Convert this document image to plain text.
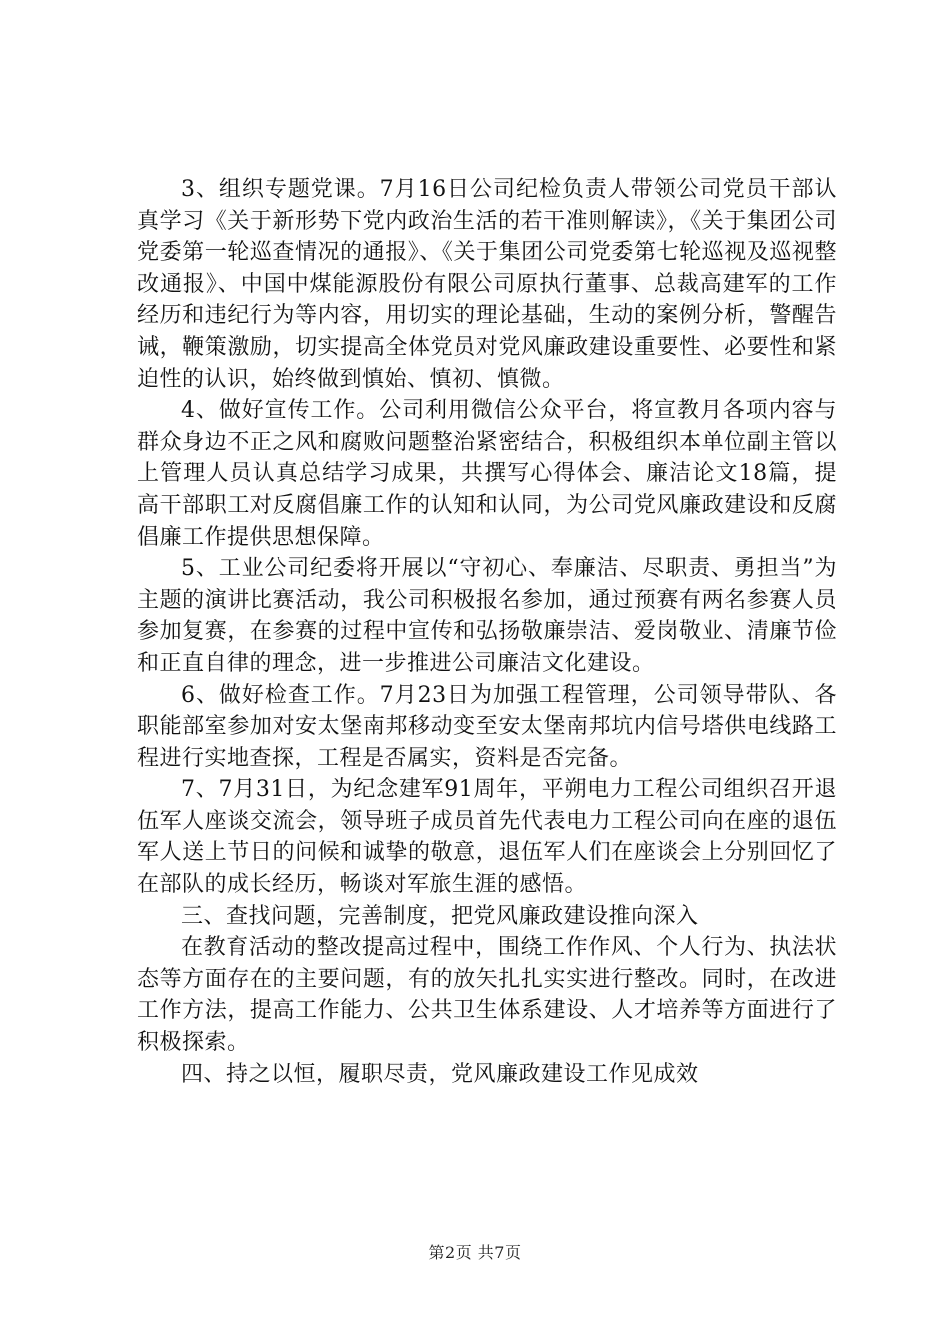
3、组织专题党课。7月16日公司纪检负责人带领公司党员干部认真学习《关于新形势下党内政治生活的若干准则解读》，《关于集团公司党委第一轮巡查情况的通报》、《关于集团公司党委第七轮巡视及巡视整改通报》、中国中煤能源股份有限公司原执行董事、总裁高建军的工作经历和违纪行为等内容，用切实的理论基础，生动的案例分析，警醒告诫，鞭策激励，切实提高全体党员对党风廉政建设重要性、必要性和紧迫性的认识，始终做到慎始、慎初、慎微。

4、做好宣传工作。公司利用微信公众平台，将宣教月各项内容与群众身边不正之风和腐败问题整治紧密结合，积极组织本单位副主管以上管理人员认真总结学习成果，共撰写心得体会、廉洁论文18篇，提高干部职工对反腐倡廉工作的认知和认同，为公司党风廉政建设和反腐倡廉工作提供思想保障。

5、工业公司纪委将开展以“守初心、奉廉洁、尽职责、勇担当”为主题的演讲比赛活动，我公司积极报名参加，通过预赛有两名参赛人员参加复赛，在参赛的过程中宣传和弘扬敬廉崇洁、爱岗敬业、清廉节俭和正直自律的理念，进一步推进公司廉洁文化建设。

6、做好检查工作。7月23日为加强工程管理，公司领导带队、各职能部室参加对安太堡南邦移动变至安太堡南邦坑内信号塔供电线路工程进行实地查探，工程是否属实，资料是否完备。

7、7月31日，为纪念建军91周年，平朔电力工程公司组织召开退伍军人座谈交流会，领导班子成员首先代表电力工程公司向在座的退伍军人送上节日的问候和诚挚的敬意，退伍军人们在座谈会上分别回忆了在部队的成长经历，畅谈对军旅生涯的感悟。

三、查找问题，完善制度，把党风廉政建设推向深入

在教育活动的整改提高过程中，围绕工作作风、个人行为、执法状态等方面存在的主要问题，有的放矢扎扎实实进行整改。同时，在改进工作方法，提高工作能力、公共卫生体系建设、人才培养等方面进行了积极探索。

四、持之以恒，履职尽责，党风廉政建设工作见成效

第2页 共7页
